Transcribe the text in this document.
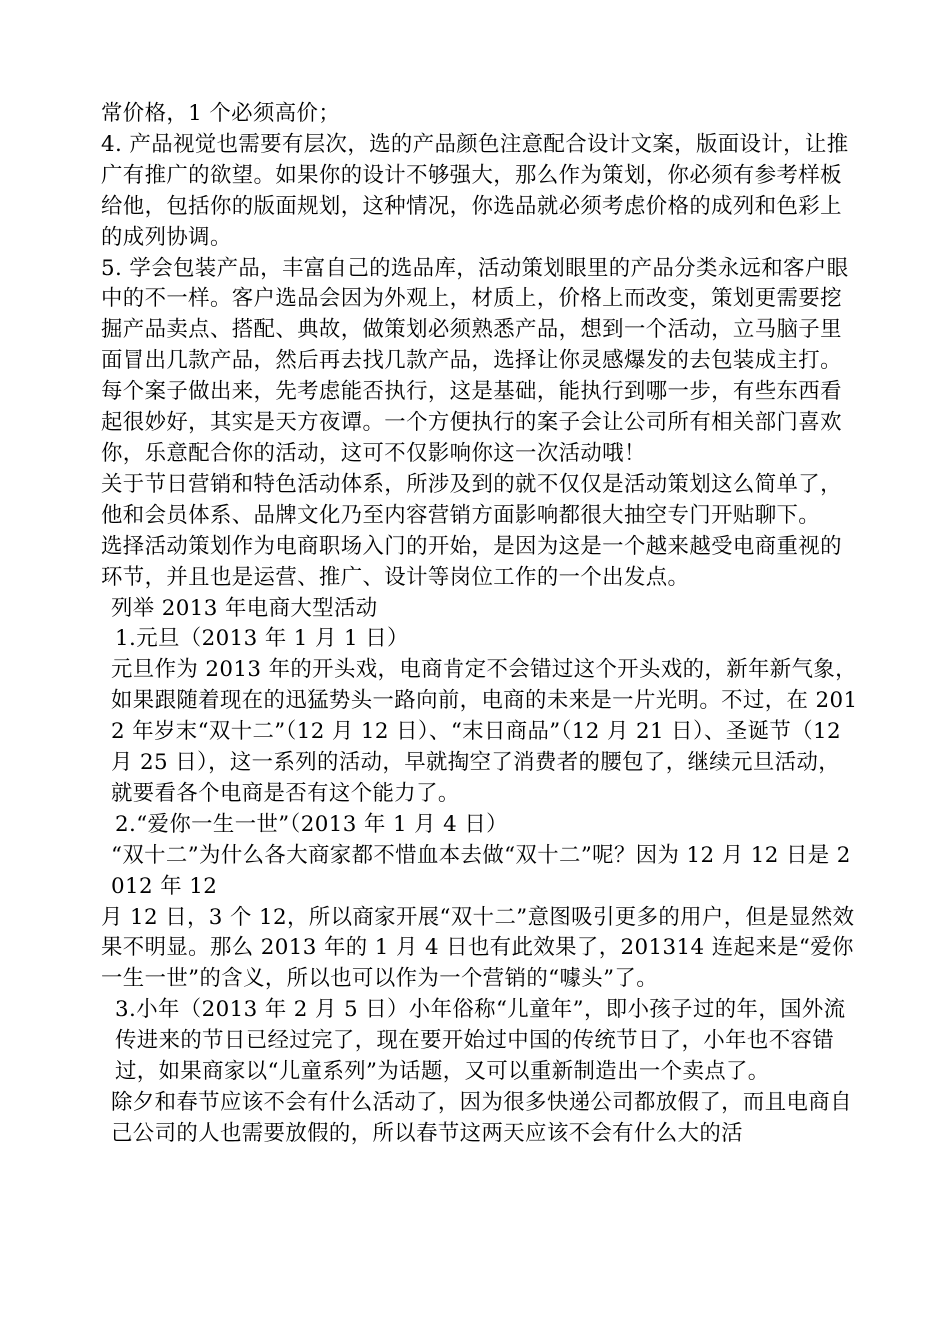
常价格，1 个必须高价；

4. 产品视觉也需要有层次，选的产品颜色注意配合设计文案，版面设计，让推广有推广的欲望。如果你的设计不够强大，那么作为策划，你必须有参考样板给他，包括你的版面规划，这种情况，你选品就必须考虑价格的成列和色彩上的成列协调。

5. 学会包装产品，丰富自己的选品库，活动策划眼里的产品分类永远和客户眼中的不一样。客户选品会因为外观上，材质上，价格上而改变，策划更需要挖掘产品卖点、搭配、典故，做策划必须熟悉产品，想到一个活动，立马脑子里面冒出几款产品，然后再去找几款产品，选择让你灵感爆发的去包装成主打。

每个案子做出来，先考虑能否执行，这是基础，能执行到哪一步，有些东西看起很妙好，其实是天方夜谭。一个方便执行的案子会让公司所有相关部门喜欢你，乐意配合你的活动，这可不仅影响你这一次活动哦！

关于节日营销和特色活动体系，所涉及到的就不仅仅是活动策划这么简单了，他和会员体系、品牌文化乃至内容营销方面影响都很大抽空专门开贴聊下。

选择活动策划作为电商职场入门的开始，是因为这是一个越来越受电商重视的环节，并且也是运营、推广、设计等岗位工作的一个出发点。

列举 2013 年电商大型活动

1.元旦（2013 年 1 月 1 日）

元旦作为 2013 年的开头戏，电商肯定不会错过这个开头戏的，新年新气象，如果跟随着现在的迅猛势头一路向前，电商的未来是一片光明。不过，在 2012 年岁末“双十二”（12 月 12 日）、“末日商品”（12 月 21 日）、圣诞节（12 月 25 日），这一系列的活动，早就掏空了消费者的腰包了，继续元旦活动，就要看各个电商是否有这个能力了。

2.“爱你一生一世”（2013 年 1 月 4 日）

“双十二”为什么各大商家都不惜血本去做“双十二”呢？因为 12 月 12 日是 2012 年 12

月 12 日，3 个 12，所以商家开展“双十二”意图吸引更多的用户，但是显然效果不明显。那么 2013 年的 1 月 4 日也有此效果了，201314 连起来是“爱你一生一世”的含义，所以也可以作为一个营销的“噱头”了。

3.小年（2013 年 2 月 5 日）小年俗称“儿童年”，即小孩子过的年，国外流传进来的节日已经过完了，现在要开始过中国的传统节日了，小年也不容错过，如果商家以“儿童系列”为话题，又可以重新制造出一个卖点了。

除夕和春节应该不会有什么活动了，因为很多快递公司都放假了，而且电商自己公司的人也需要放假的，所以春节这两天应该不会有什么大的活
